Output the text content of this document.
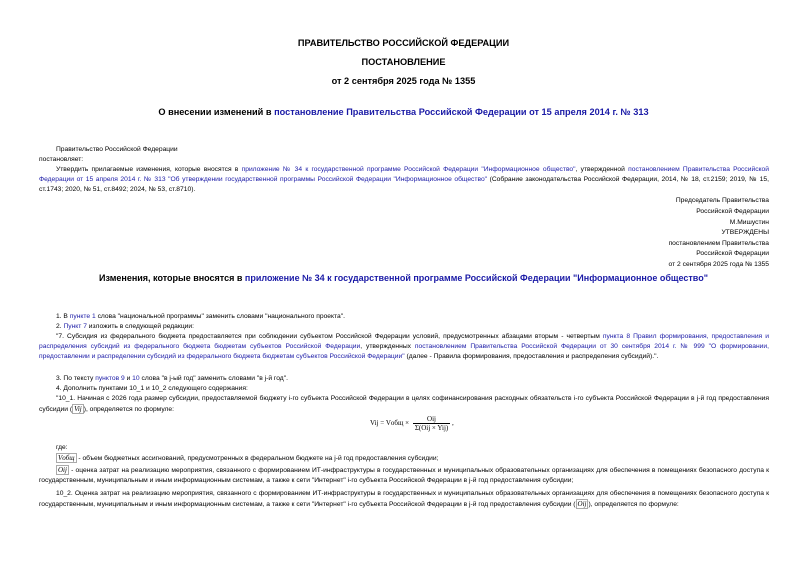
ПРАВИТЕЛЬСТВО РОССИЙСКОЙ ФЕДЕРАЦИИ
ПОСТАНОВЛЕНИЕ
от 2 сентября 2025 года № 1355
О внесении изменений в постановление Правительства Российской Федерации от 15 апреля 2014 г. № 313
Правительство Российской Федерации
постановляет:
Утвердить прилагаемые изменения, которые вносятся в приложение № 34 к государственной программе Российской Федерации "Информационное общество", утвержденной постановлением Правительства Российской Федерации от 15 апреля 2014 г. № 313 "Об утверждении государственной программы Российской Федерации "Информационное общество" (Собрание законодательства Российской Федерации, 2014, № 18, ст.2159; 2019, № 15, ст.1743; 2020, № 51, ст.8492; 2024, № 53, ст.8710).
Председатель Правительства
Российской Федерации
М.Мишустин
УТВЕРЖДЕНЫ
постановлением Правительства
Российской Федерации
от 2 сентября 2025 года № 1355
Изменения, которые вносятся в приложение № 34 к государственной программе Российской Федерации "Информационное общество"
1. В пункте 1 слова "национальной программы" заменить словами "национального проекта".
2. Пункт 7 изложить в следующей редакции:
"7. Субсидия из федерального бюджета предоставляется при соблюдении субъектом Российской Федерации условий, предусмотренных абзацами вторым - четвертым пункта 8 Правил формирования, предоставления и распределения субсидий из федерального бюджета бюджетам субъектов Российской Федерации, утвержденных постановлением Правительства Российской Федерации от 30 сентября 2014 г. № 999 "О формировании, предоставлении и распределении субсидий из федерального бюджета бюджетам субъектов Российской Федерации" (далее - Правила формирования, предоставления и распределения субсидий).".
3. По тексту пунктов 9 и 10 слова "в j-ый год" заменить словами "в j-й год".
4. Дополнить пунктами 10_1 и 10_2 следующего содержания:
"10_1. Начиная с 2026 года размер субсидии, предоставляемой бюджету i-го субъекта Российской Федерации в целях софинансирования расходных обязательств i-го субъекта Российской Федерации в j-й год предоставления субсидии ( Vij ), определяется по формуле:
Vij = Vобщ × $\frac{\text{Oij}}{\text{Σ(Oij × Yij)}}$ ,
где:
Vобщ - объем бюджетных ассигнований, предусмотренных в федеральном бюджете на j-й год предоставления субсидии;
Oij - оценка затрат на реализацию мероприятия, связанного с формированием ИТ-инфраструктуры в государственных и муниципальных образовательных организациях для обеспечения в помещениях безопасного доступа к государственным, муниципальным и иным информационным системам, а также к сети "Интернет" i-го субъекта Российской Федерации в j-й год предоставления субсидии;
10_2. Оценка затрат на реализацию мероприятия, связанного с формированием ИТ-инфраструктуры в государственных и муниципальных образовательных организациях для обеспечения в помещениях безопасного доступа к государственным, муниципальным и иным информационным системам, а также к сети "Интернет" i-го субъекта Российской Федерации в j-й год предоставления субсидии ( Oij ), определяется по формуле:
